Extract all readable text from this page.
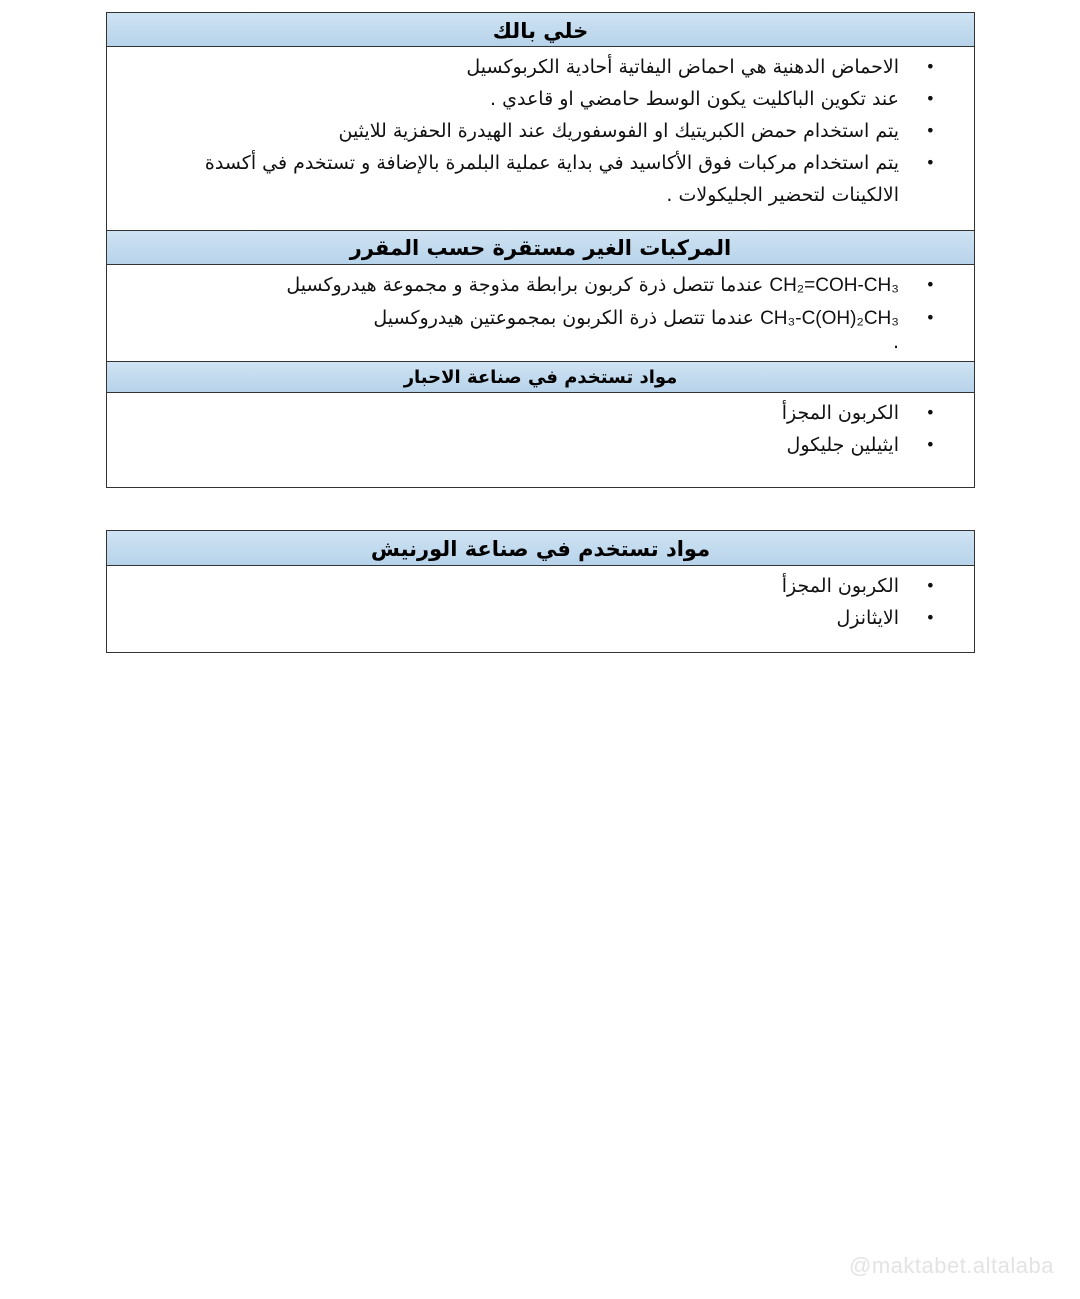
خلي بالك
•
الاحماض الدهنية هي احماض اليفاتية أحادية الكربوكسيل
•
عند تكوين الباكليت يكون الوسط حامضي او قاعدي .
•
يتم استخدام حمض الكبريتيك او الفوسفوريك عند الهيدرة الحفزية للايثين
•
يتم استخدام مركبات فوق الأكاسيد في بداية عملية البلمرة بالإضافة و تستخدم في أكسدة الالكينات لتحضير الجليكولات .
المركبات الغير مستقرة حسب المقرر
•
CH₂=COH-CH₃ عندما تتصل ذرة كربون برابطة مذوجة و مجموعة هيدروكسيل
•
CH₃-C(OH)₂CH₃ عندما تتصل ذرة الكربون بمجموعتين هيدروكسيل
.
مواد تستخدم في صناعة الاحبار
•
الكربون المجزأ
•
ايثيلين جليكول
مواد تستخدم في صناعة الورنيش
•
الكربون المجزأ
•
الايثانزل
@maktabet.altalaba
